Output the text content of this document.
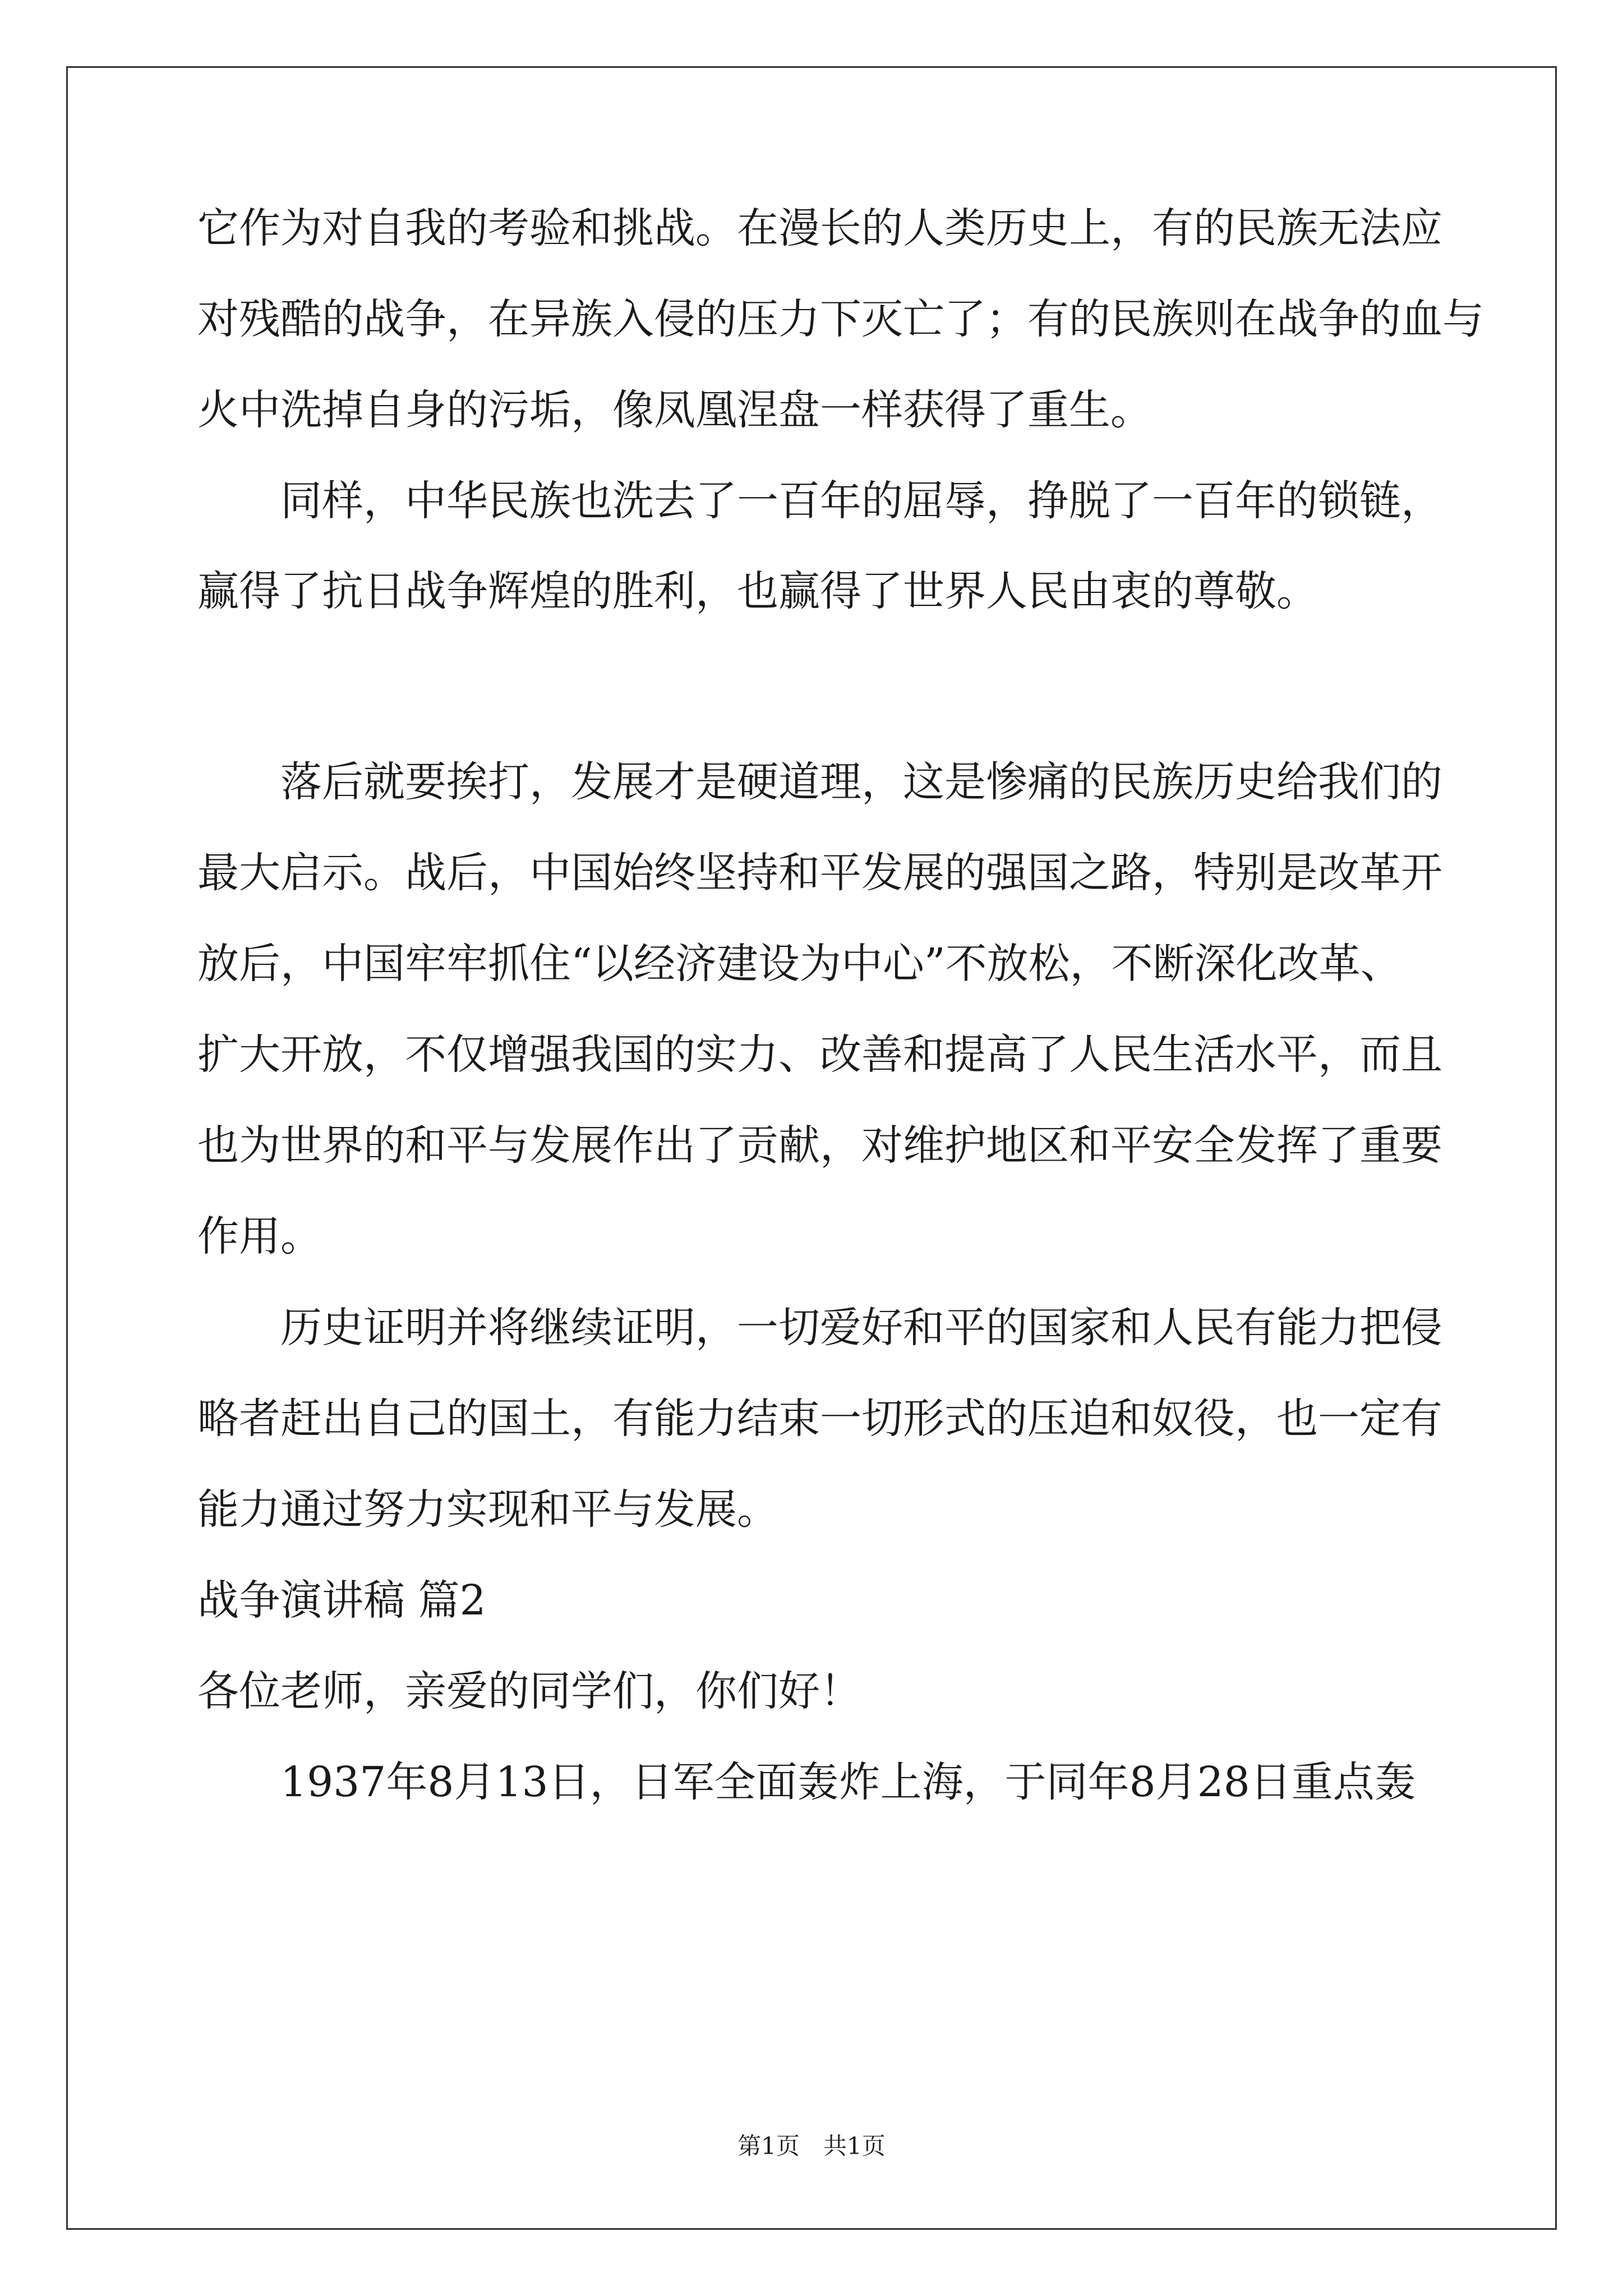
它作为对自我的考验和挑战。在漫长的人类历史上，有的民族无法应
对残酷的战争，在异族入侵的压力下灭亡了；有的民族则在战争的血与
火中洗掉自身的污垢，像凤凰涅盘一样获得了重生。
　　同样，中华民族也洗去了一百年的屈辱，挣脱了一百年的锁链，
赢得了抗日战争辉煌的胜利，也赢得了世界人民由衷的尊敬。
　　落后就要挨打，发展才是硬道理，这是惨痛的民族历史给我们的
最大启示。战后，中国始终坚持和平发展的强国之路，特别是改革开
放后，中国牢牢抓住“以经济建设为中心”不放松，不断深化改革、
扩大开放，不仅增强我国的实力、改善和提高了人民生活水平，而且
也为世界的和平与发展作出了贡献，对维护地区和平安全发挥了重要
作用。
　　历史证明并将继续证明，一切爱好和平的国家和人民有能力把侵
略者赶出自己的国土，有能力结束一切形式的压迫和奴役，也一定有
能力通过努力实现和平与发展。
战争演讲稿 篇2
各位老师，亲爱的同学们，你们好！
　　1937年8月13日，日军全面轰炸上海，于同年8月28日重点轰
第1页　共1页
